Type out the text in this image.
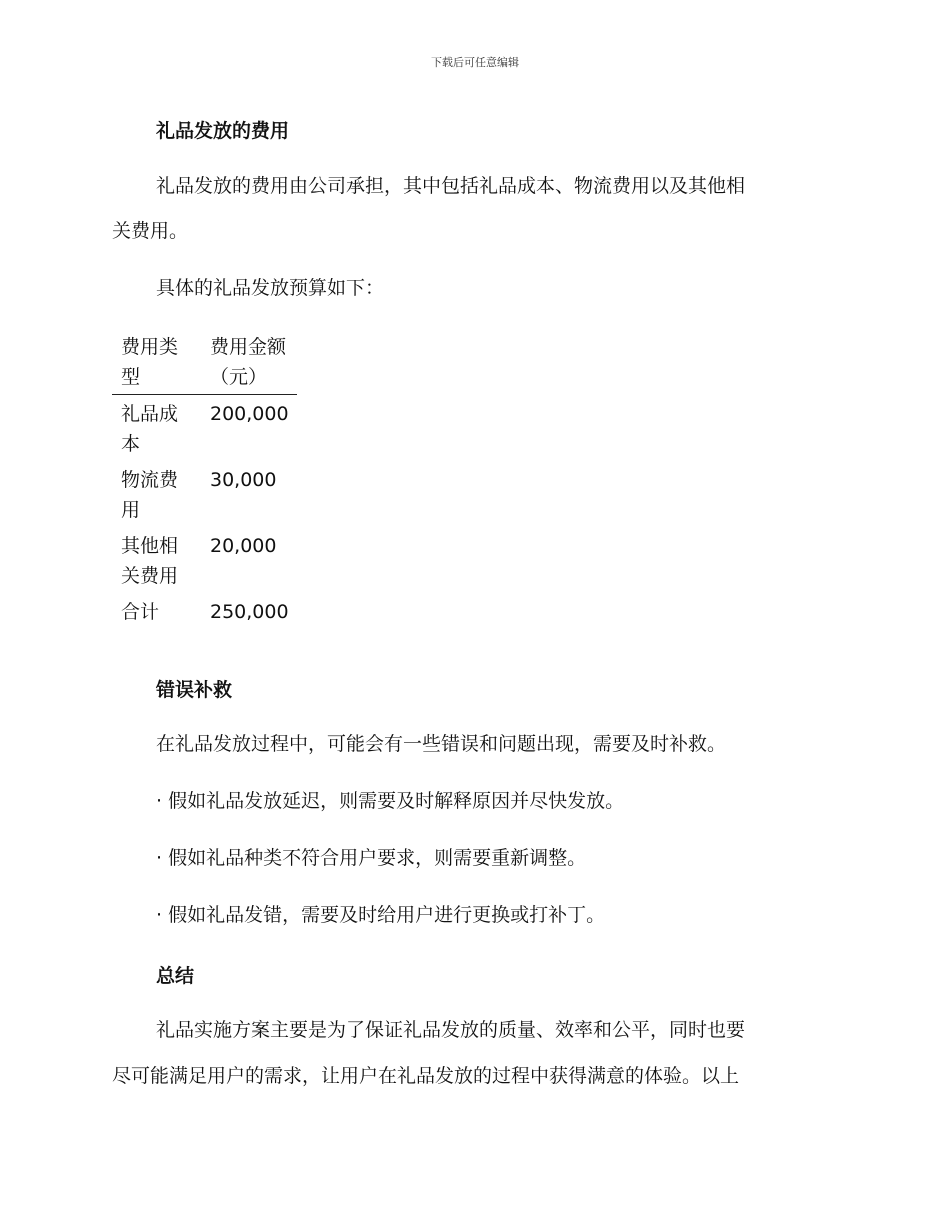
下载后可任意编辑
礼品发放的费用
礼品发放的费用由公司承担，其中包括礼品成本、物流费用以及其他相
关费用。
具体的礼品发放预算如下：
费用类型	费用金额（元）
礼品成本	200,000
物流费用	30,000
其他相关费用	20,000
合计	250,000
错误补救
在礼品发放过程中，可能会有一些错误和问题出现，需要及时补救。
· 假如礼品发放延迟，则需要及时解释原因并尽快发放。
· 假如礼品种类不符合用户要求，则需要重新调整。
· 假如礼品发错，需要及时给用户进行更换或打补丁。
总结
礼品实施方案主要是为了保证礼品发放的质量、效率和公平，同时也要
尽可能满足用户的需求，让用户在礼品发放的过程中获得满意的体验。以上
